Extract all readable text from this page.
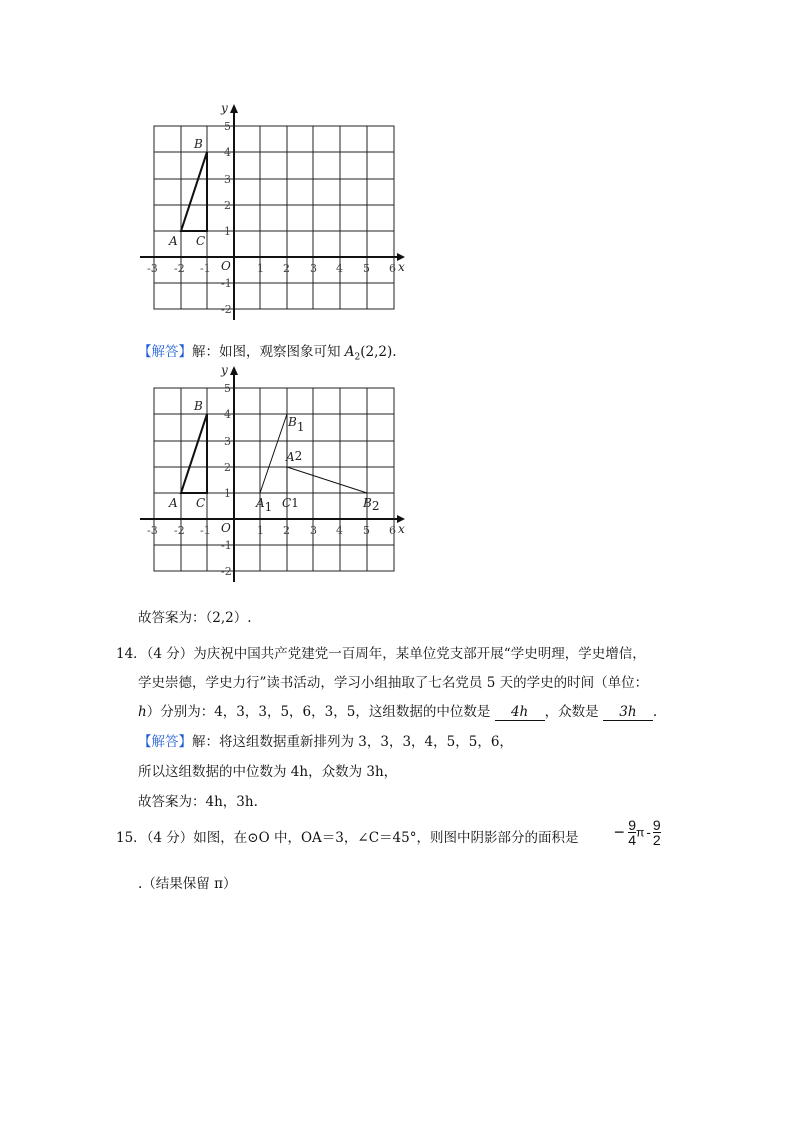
5
4
3
2
1
-1
-2
-3 -2 -1	1 2 3 4 5 6 x
y
O
B
A C
【解答】解：如图，观察图象可知 $A_2(2,2)$.
5
4
3
2
1
-1
-2
-3 -2 -1	1 2 3 4 5 6 x
y
O
B
A C
B1
A2
A1 C1	B2
故答案为：（2,2）.
14．（4 分）为庆祝中国共产党建党一百周年，某单位党支部开展“学史明理，学史增信，
学史崇德，学史力行”读书活动，学习小组抽取了七名党员 5 天的学史的时间（单位：
h）分别为：4，3，3，5，6，3，5，这组数据的中位数是 4h ，众数是 3h .
【解答】解：将这组数据重新排列为 3，3，3，4，5，5，6，
所以这组数据的中位数为 4h，众数为 3h，
故答案为：4h，3h.
15．（4 分）如图，在⊙O 中，OA＝3，∠C＝45°，则图中阴影部分的面积是 − $\frac{9}{4}$ π - $\frac{9}{2}$
.（结果保留 π）
